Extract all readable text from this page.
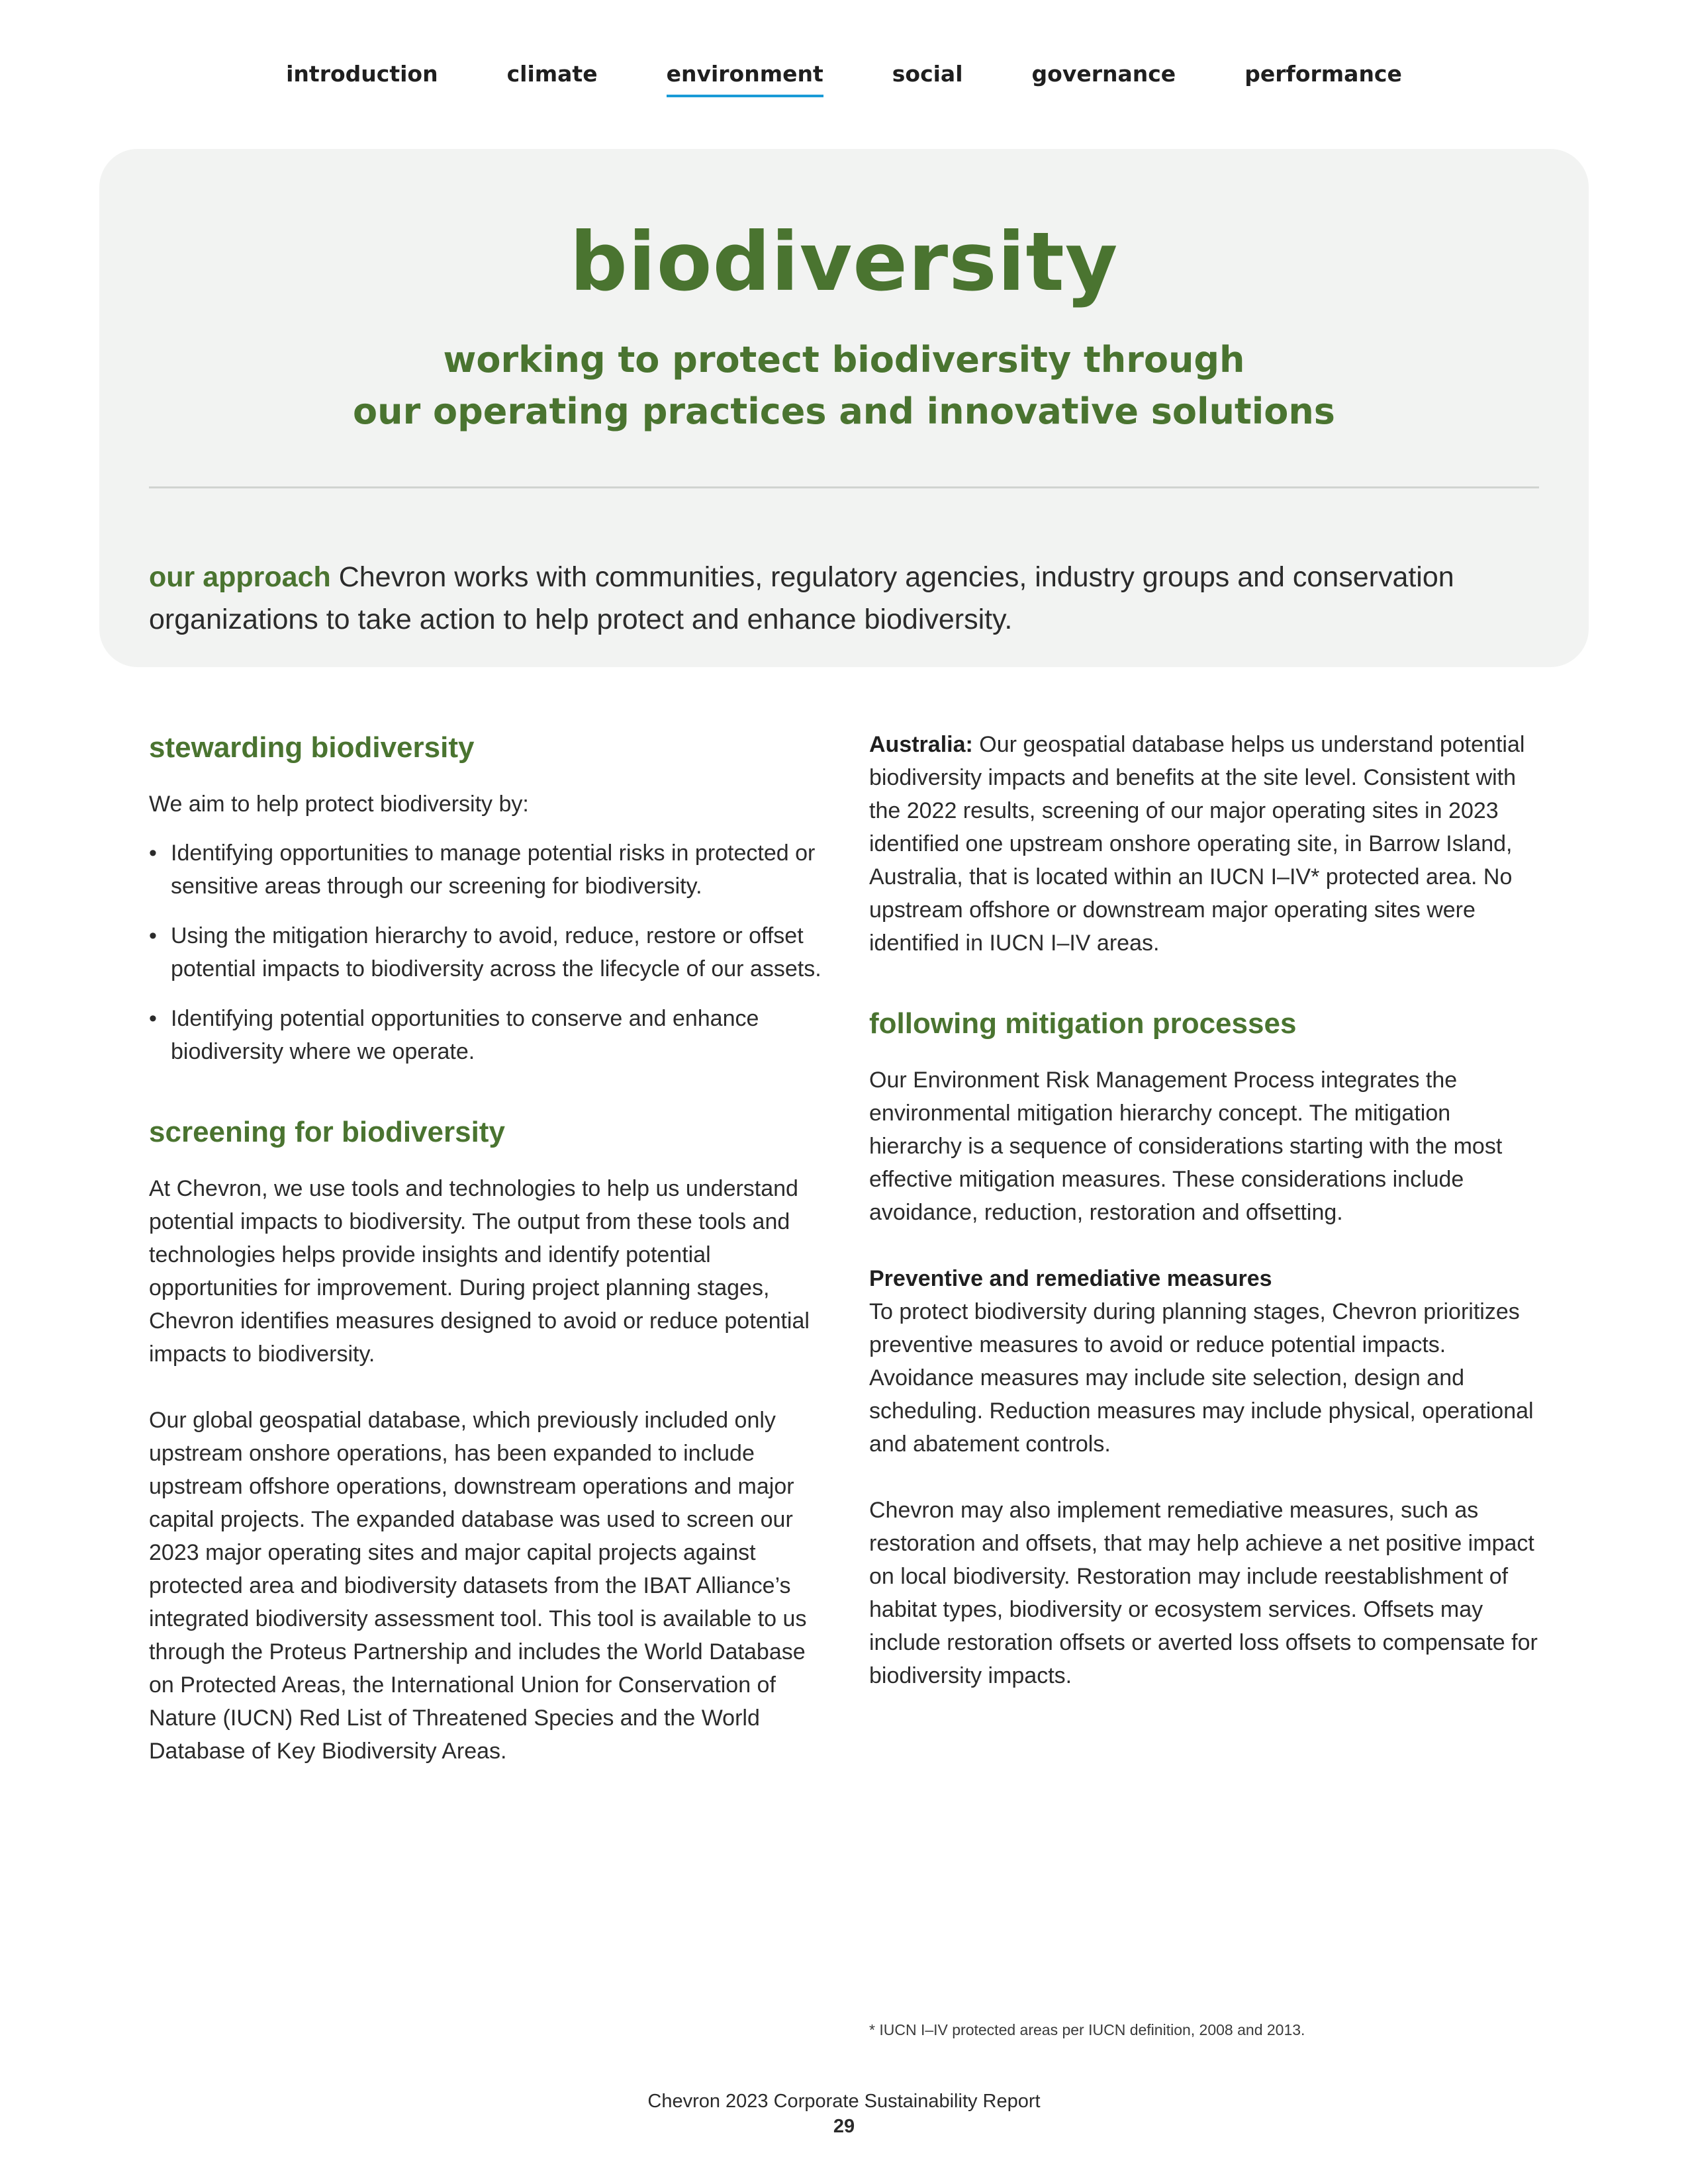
introduction	climate	environment	social	governance	performance
biodiversity
working to protect biodiversity through
our operating practices and innovative solutions

our approach Chevron works with communities, regulatory agencies, industry groups and conservation organizations to take action to help protect and enhance biodiversity.

stewarding biodiversity

We aim to help protect biodiversity by:

• Identifying opportunities to manage potential risks in protected or sensitive areas through our screening for biodiversity.
• Using the mitigation hierarchy to avoid, reduce, restore or offset potential impacts to biodiversity across the lifecycle of our assets.
• Identifying potential opportunities to conserve and enhance biodiversity where we operate.
screening for biodiversity

At Chevron, we use tools and technologies to help us understand potential impacts to biodiversity. The output from these tools and technologies helps provide insights and identify potential opportunities for improvement. During project planning stages, Chevron identifies measures designed to avoid or reduce potential impacts to biodiversity.

Our global geospatial database, which previously included only upstream onshore operations, has been expanded to include upstream offshore operations, downstream operations and major capital projects. The expanded database was used to screen our 2023 major operating sites and major capital projects against protected area and biodiversity datasets from the IBAT Alliance’s integrated biodiversity assessment tool. This tool is available to us through the Proteus Partnership and includes the World Database on Protected Areas, the International Union for Conservation of Nature (IUCN) Red List of Threatened Species and the World Database of Key Biodiversity Areas.

Australia: Our geospatial database helps us understand potential biodiversity impacts and benefits at the site level. Consistent with the 2022 results, screening of our major operating sites in 2023 identified one upstream onshore operating site, in Barrow Island, Australia, that is located within an IUCN I–IV* protected area. No upstream offshore or downstream major operating sites were identified in IUCN I–IV areas.

following mitigation processes

Our Environment Risk Management Process integrates the environmental mitigation hierarchy concept. The mitigation hierarchy is a sequence of considerations starting with the most effective mitigation measures. These considerations include avoidance, reduction, restoration and offsetting.

Preventive and remediative measures

To protect biodiversity during planning stages, Chevron prioritizes preventive measures to avoid or reduce potential impacts. Avoidance measures may include site selection, design and scheduling. Reduction measures may include physical, operational and abatement controls.

Chevron may also implement remediative measures, such as restoration and offsets, that may help achieve a net positive impact on local biodiversity. Restoration may include reestablishment of habitat types, biodiversity or ecosystem services. Offsets may include restoration offsets or averted loss offsets to compensate for biodiversity impacts.

* IUCN I–IV protected areas per IUCN definition, 2008 and 2013.
Chevron 2023 Corporate Sustainability Report
29
